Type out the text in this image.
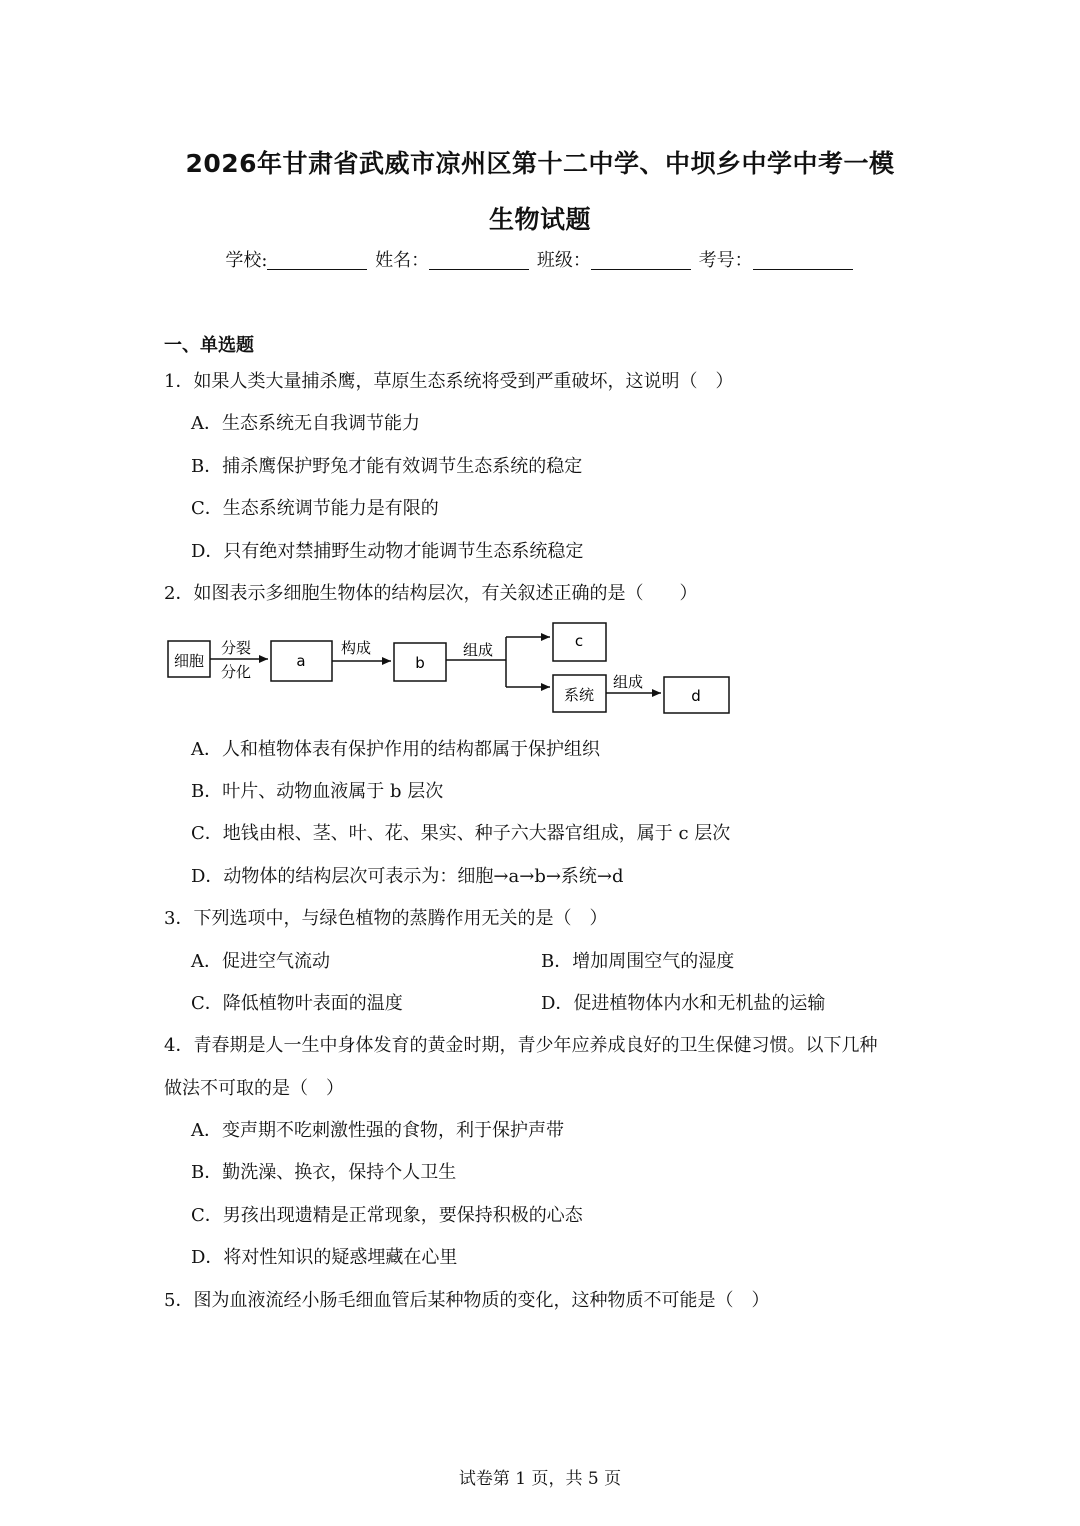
2026年甘肃省武威市凉州区第十二中学、中坝乡中学中考一模
生物试题
学校:	姓名：	班级：	考号：
一、单选题
1．如果人类大量捕杀鹰，草原生态系统将受到严重破坏，这说明（　）
A．生态系统无自我调节能力
B．捕杀鹰保护野兔才能有效调节生态系统的稳定
C．生态系统调节能力是有限的
D．只有绝对禁捕野生动物才能调节生态系统稳定
2．如图表示多细胞生物体的结构层次，有关叙述正确的是（　　）
细胞
分裂
分化
a
构成
b
组成	c
系统
组成
d
A．人和植物体表有保护作用的结构都属于保护组织
B．叶片、动物血液属于 b 层次
C．地钱由根、茎、叶、花、果实、种子六大器官组成，属于 c 层次
D．动物体的结构层次可表示为：细胞→a→b→系统→d
3．下列选项中，与绿色植物的蒸腾作用无关的是（　）
A．促进空气流动	B．增加周围空气的湿度
C．降低植物叶表面的温度	D．促进植物体内水和无机盐的运输
4．青春期是人一生中身体发育的黄金时期，青少年应养成良好的卫生保健习惯。以下几种
做法不可取的是（　）
A．变声期不吃刺激性强的食物，利于保护声带
B．勤洗澡、换衣，保持个人卫生
C．男孩出现遗精是正常现象，要保持积极的心态
D．将对性知识的疑惑埋藏在心里
5．图为血液流经小肠毛细血管后某种物质的变化，这种物质不可能是（　）
试卷第 1 页，共 5 页
